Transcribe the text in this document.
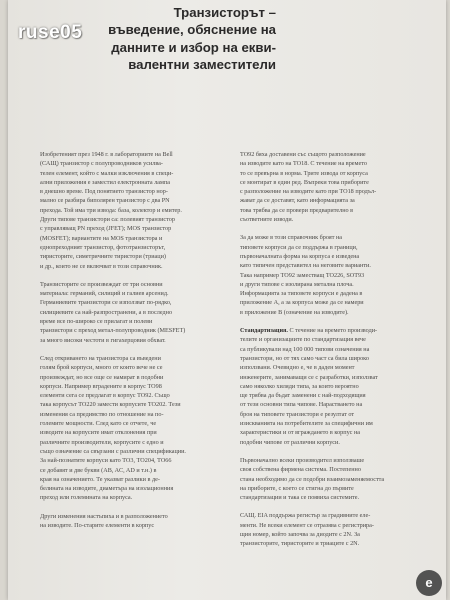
ruse05
Транзисторът –
въведение, обяснение на
данните и избор на екви-
валентни заместители
Изобретеният през 1948 г. в лабораториите на Bell
(САЩ) транзистор с полупроводников усилва-
телен елемент, който с малки изключения в специ-
ални приложения е заместил електронната лампа
в днешно време. Под понятието транзистор нор-
мално се разбира биполярен транзистор с два PN
прехода. Той има три извода: база, колектор и емитер.
Други типове транзистори са: полевият транзистор
с управляващ PN преход (JFET); MOS транзистор
(MOSFET); вариантите на MOS транзистора и
еднопреходният транзистор, фототранзисторът,
тиристорите, симетричните тиристори (триаци)
и др., които не се включват в този справочник.
Транзисторите се произвеждат от три основни
материала: германий, силиций и галиев арсенид.
Германиевите транзистори се използват по-рядко,
силициевите са най-разпространени, а в последно
време все по-широко се прилагат и полеви
транзистори с преход метал-полупроводник (MESFET)
за много високи честоти в гигахерцовия обхват.
След откриването на транзистора са въведени
голям брой корпуси, много от които вече не се
произвеждат, но все още се намират в подобни
корпуси. Например вградените в корпус ТО98
елементи сега се предлагат в корпус ТО92. Също
така корпусът ТО220 замести корпусите ТО202. Тези
изменения са предимство по отношение на по-
големите мощности. След като се отчете, че
изводите на корпусите имат отклонения при
различните производители, корпусите с едно и
също означение са свързани с различни спецификации.
За най-познатите корпуси като ТО3, ТО204, ТО66
се добавят и две букви (AB, AC, AD и т.н.) в
края на означението. Те указват разлики в де-
белината на изводите, диаметъра на изолационния
преход или големината на корпуса.
Други изменения настъпиха и в разположението
на изводите. По-старите елементи в корпус
ТО92 бяха доставени със същото разположение
на изводите като на ТО18. С течение на времето
то се превърна в норма. Трите извода от корпуса
се монтират в един ред. Въпреки това приборите
с разположение на изводите като при ТО18 продъл-
жават да се доставят, като информацията за
това трябва да се провери предварително в
съответните изводи.
За да може в този справочник броят на
типовете корпуси да се поддържа в граници,
първоначалната форма на корпуса е изведена
като типичен представител на неговите варианти.
Така например ТО92 заместващ ТО226, SOT93
и други типове с изолирана метална плоча.
Информацията за типовете корпуси е дадена в
приложение А, а за корпуса може да се намери
в приложение В (означение на изводите).
Стандартизация. С течение на времето производи-
телите и организациите по стандартизация вече
са публикували над 100 000 типови означения на
транзистори, но от тях само част са била широко
използвани. Очевидно е, че в даден момент
инженерите, занимаващи се с разработки, използват
само няколко хиляди типа, за които вероятно
ще трябва да бъдат заменени с най-подходящия
от тези основни типа чипове. Нарастването на
броя на типовете транзистори е резултат от
изискванията на потребителите за специфични им
характеристики и от вграждането в корпус на
подобни чипове от различни корпуси.
Първоначално всеки производител използваше
своя собствена фирмена система. Постепенно
стана необходимо да се подобри взаимозаменяемостта
на приборите, с което се стигна до първите
стандартизации и така се появиха системите.
САЩ. EIA поддържа регистър за градивните еле-
менти. Не всеки елемент се отразява с регистрира-
щия номер, който започва за диодите с 2N. За
транзисторите, тиристорите и триаците с 2N.
e
